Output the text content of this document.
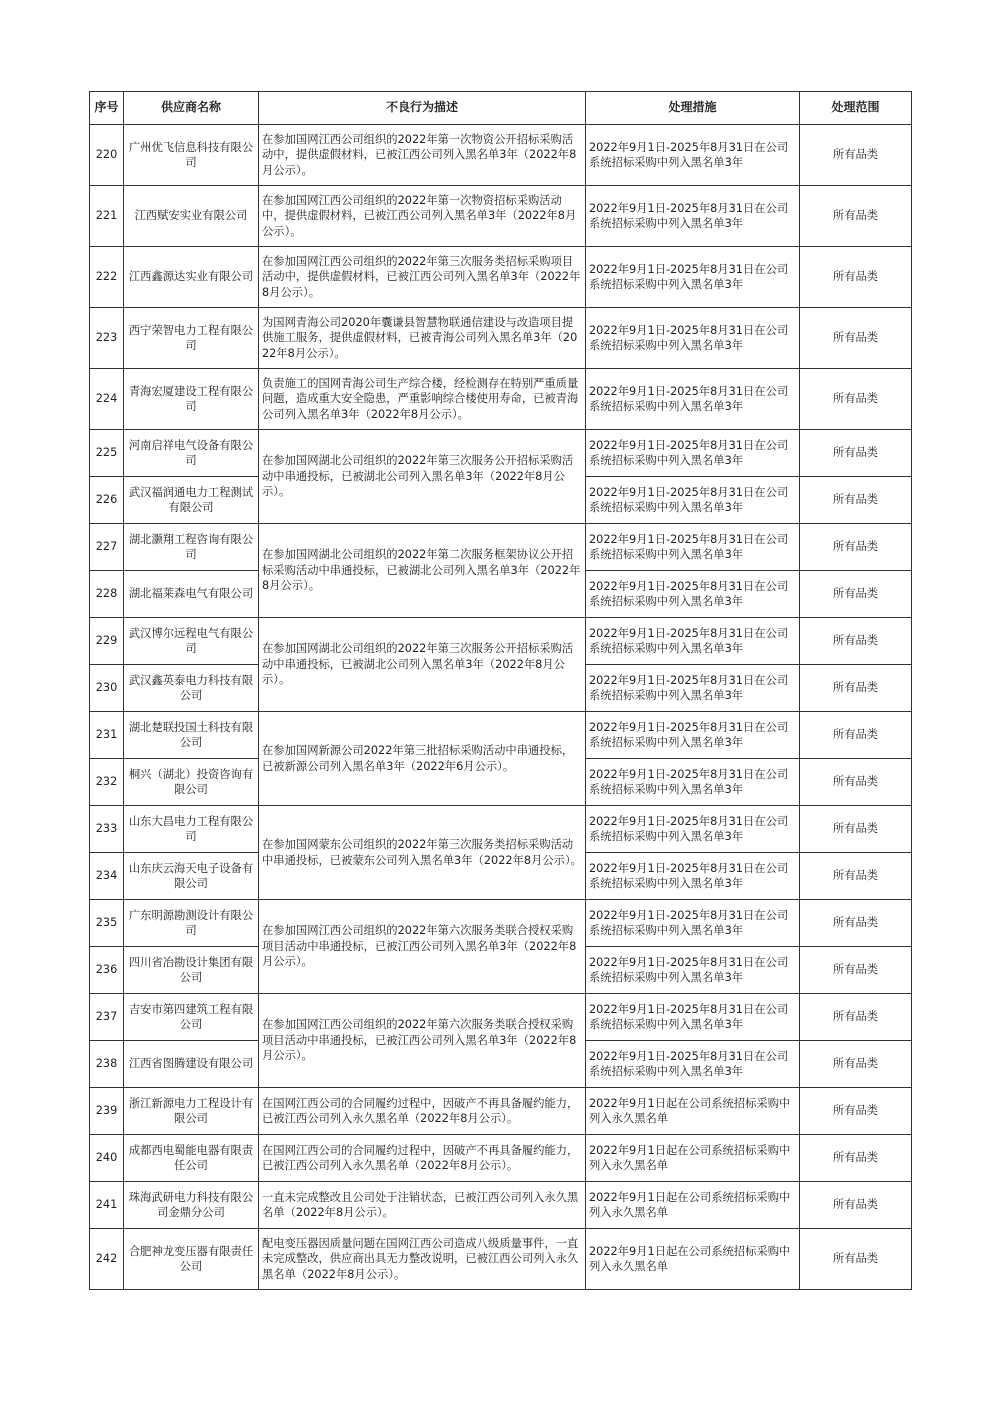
序号	供应商名称	不良行为描述	处理措施	处理范围
220	广州优飞信息科技有限公司	在参加国网江西公司组织的2022年第一次物资公开招标采购活动中，提供虚假材料，已被江西公司列入黑名单3年（2022年8月公示）。	2022年9月1日-2025年8月31日在公司系统招标采购中列入黑名单3年	所有品类
221	江西赋安实业有限公司	在参加国网江西公司组织的2022年第一次物资招标采购活动中，提供虚假材料，已被江西公司列入黑名单3年（2022年8月公示）。	2022年9月1日-2025年8月31日在公司系统招标采购中列入黑名单3年	所有品类
222	江西鑫源达实业有限公司	在参加国网江西公司组织的2022年第三次服务类招标采购项目活动中，提供虚假材料，已被江西公司列入黑名单3年（2022年8月公示）。	2022年9月1日-2025年8月31日在公司系统招标采购中列入黑名单3年	所有品类
223	西宁荣智电力工程有限公司	为国网青海公司2020年囊谦县智慧物联通信建设与改造项目提供施工服务，提供虚假材料，已被青海公司列入黑名单3年（2022年8月公示）。	2022年9月1日-2025年8月31日在公司系统招标采购中列入黑名单3年	所有品类
224	青海宏厦建设工程有限公司	负责施工的国网青海公司生产综合楼，经检测存在特别严重质量问题，造成重大安全隐患，严重影响综合楼使用寿命，已被青海公司列入黑名单3年（2022年8月公示）。	2022年9月1日-2025年8月31日在公司系统招标采购中列入黑名单3年	所有品类
225	河南启祥电气设备有限公司	在参加国网湖北公司组织的2022年第三次服务公开招标采购活动中串通投标，已被湖北公司列入黑名单3年（2022年8月公示）。	2022年9月1日-2025年8月31日在公司系统招标采购中列入黑名单3年	所有品类
226	武汉福润通电力工程测试有限公司		2022年9月1日-2025年8月31日在公司系统招标采购中列入黑名单3年	所有品类
227	湖北灏翔工程咨询有限公司	在参加国网湖北公司组织的2022年第二次服务框架协议公开招标采购活动中串通投标，已被湖北公司列入黑名单3年（2022年8月公示）。	2022年9月1日-2025年8月31日在公司系统招标采购中列入黑名单3年	所有品类
228	湖北福莱森电气有限公司		2022年9月1日-2025年8月31日在公司系统招标采购中列入黑名单3年	所有品类
229	武汉博尔远程电气有限公司	在参加国网湖北公司组织的2022年第三次服务公开招标采购活动中串通投标，已被湖北公司列入黑名单3年（2022年8月公示）。	2022年9月1日-2025年8月31日在公司系统招标采购中列入黑名单3年	所有品类
230	武汉鑫英泰电力科技有限公司		2022年9月1日-2025年8月31日在公司系统招标采购中列入黑名单3年	所有品类
231	湖北楚联投国土科技有限公司	在参加国网新源公司2022年第三批招标采购活动中串通投标，已被新源公司列入黑名单3年（2022年6月公示）。	2022年9月1日-2025年8月31日在公司系统招标采购中列入黑名单3年	所有品类
232	桐兴（湖北）投资咨询有限公司		2022年9月1日-2025年8月31日在公司系统招标采购中列入黑名单3年	所有品类
233	山东大昌电力工程有限公司	在参加国网蒙东公司组织的2022年第三次服务类招标采购活动中串通投标，已被蒙东公司列入黑名单3年（2022年8月公示）。	2022年9月1日-2025年8月31日在公司系统招标采购中列入黑名单3年	所有品类
234	山东庆云海天电子设备有限公司		2022年9月1日-2025年8月31日在公司系统招标采购中列入黑名单3年	所有品类
235	广东明源勘测设计有限公司	在参加国网江西公司组织的2022年第六次服务类联合授权采购项目活动中串通投标，已被江西公司列入黑名单3年（2022年8月公示）。	2022年9月1日-2025年8月31日在公司系统招标采购中列入黑名单3年	所有品类
236	四川省冶勘设计集团有限公司		2022年9月1日-2025年8月31日在公司系统招标采购中列入黑名单3年	所有品类
237	吉安市第四建筑工程有限公司	在参加国网江西公司组织的2022年第六次服务类联合授权采购项目活动中串通投标，已被江西公司列入黑名单3年（2022年8月公示）。	2022年9月1日-2025年8月31日在公司系统招标采购中列入黑名单3年	所有品类
238	江西省图腾建设有限公司		2022年9月1日-2025年8月31日在公司系统招标采购中列入黑名单3年	所有品类
239	浙江新源电力工程设计有限公司	在国网江西公司的合同履约过程中，因破产不再具备履约能力，已被江西公司列入永久黑名单（2022年8月公示）。	2022年9月1日起在公司系统招标采购中列入永久黑名单	所有品类
240	成都西电蜀能电器有限责任公司	在国网江西公司的合同履约过程中，因破产不再具备履约能力，已被江西公司列入永久黑名单（2022年8月公示）。	2022年9月1日起在公司系统招标采购中列入永久黑名单	所有品类
241	珠海武研电力科技有限公司金鼎分公司	一直未完成整改且公司处于注销状态，已被江西公司列入永久黑名单（2022年8月公示）。	2022年9月1日起在公司系统招标采购中列入永久黑名单	所有品类
242	合肥神龙变压器有限责任公司	配电变压器因质量问题在国网江西公司造成八级质量事件，一直未完成整改，供应商出具无力整改说明，已被江西公司列入永久黑名单（2022年8月公示）。	2022年9月1日起在公司系统招标采购中列入永久黑名单	所有品类
